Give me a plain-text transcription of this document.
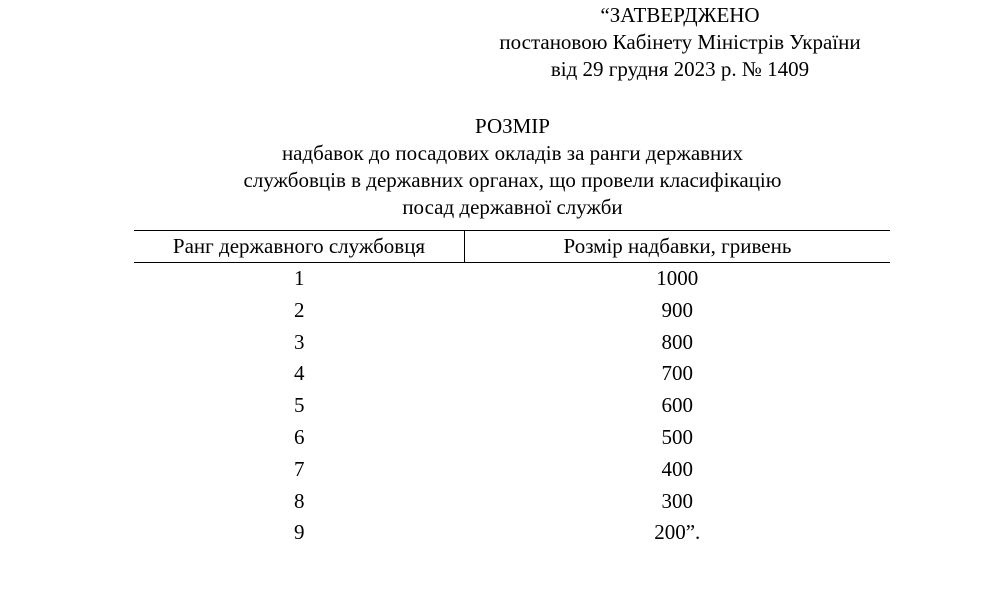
“ЗАТВЕРДЖЕНО
постановою Кабінету Міністрів України
від 29 грудня 2023 р. № 1409
РОЗМІР
надбавок до посадових окладів за ранги державних
службовців в державних органах, що провели класифікацію
посад державної служби
Ранг державного службовця	Розмір надбавки, гривень
1	1000
2	900
3	800
4	700
5	600
6	500
7	400
8	300
9	200”.
